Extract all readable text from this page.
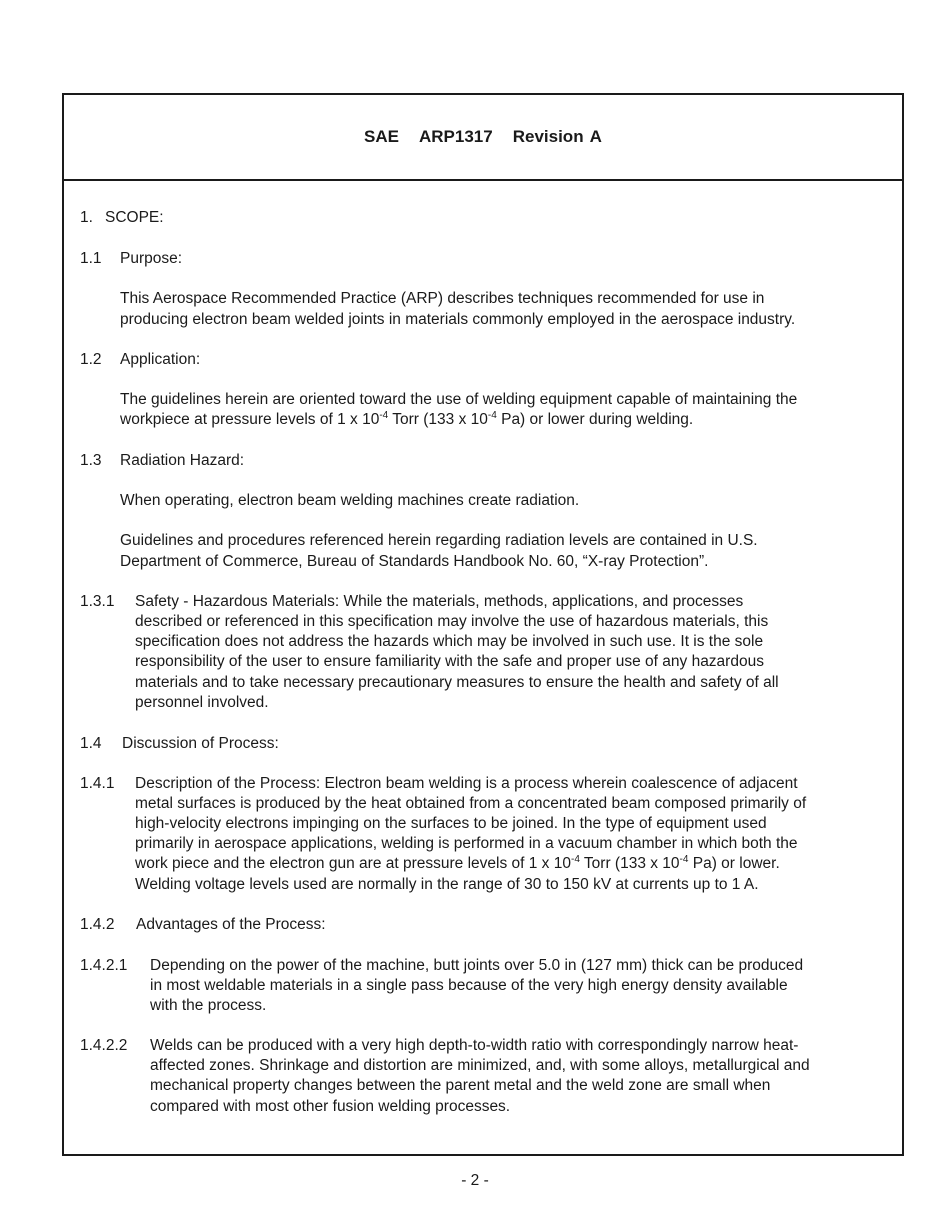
SAE ARP1317 Revision A
1. SCOPE:
1.1 Purpose:
This Aerospace Recommended Practice (ARP) describes techniques recommended for use in
producing electron beam welded joints in materials commonly employed in the aerospace industry.
1.2 Application:
The guidelines herein are oriented toward the use of welding equipment capable of maintaining the
workpiece at pressure levels of 1 x $10^{-4}$ Torr (133 x $10^{-4}$ Pa) or lower during welding.
1.3 Radiation Hazard:
When operating, electron beam welding machines create radiation.
Guidelines and procedures referenced herein regarding radiation levels are contained in U.S.
Department of Commerce, Bureau of Standards Handbook No. 60, “X-ray Protection”.
1.3.1 Safety - Hazardous Materials: While the materials, methods, applications, and processes
described or referenced in this specification may involve the use of hazardous materials, this
specification does not address the hazards which may be involved in such use. It is the sole
responsibility of the user to ensure familiarity with the safe and proper use of any hazardous
materials and to take necessary precautionary measures to ensure the health and safety of all
personnel involved.
1.4 Discussion of Process:
1.4.1 Description of the Process: Electron beam welding is a process wherein coalescence of adjacent
metal surfaces is produced by the heat obtained from a concentrated beam composed primarily of
high-velocity electrons impinging on the surfaces to be joined. In the type of equipment used
primarily in aerospace applications, welding is performed in a vacuum chamber in which both the
work piece and the electron gun are at pressure levels of 1 x $10^{-4}$ Torr (133 x $10^{-4}$ Pa) or lower.
Welding voltage levels used are normally in the range of 30 to 150 kV at currents up to 1 A.
1.4.2 Advantages of the Process:
1.4.2.1 Depending on the power of the machine, butt joints over 5.0 in (127 mm) thick can be produced
in most weldable materials in a single pass because of the very high energy density available
with the process.
1.4.2.2 Welds can be produced with a very high depth-to-width ratio with correspondingly narrow heat-
affected zones. Shrinkage and distortion are minimized, and, with some alloys, metallurgical and
mechanical property changes between the parent metal and the weld zone are small when
compared with most other fusion welding processes.
- 2 -
